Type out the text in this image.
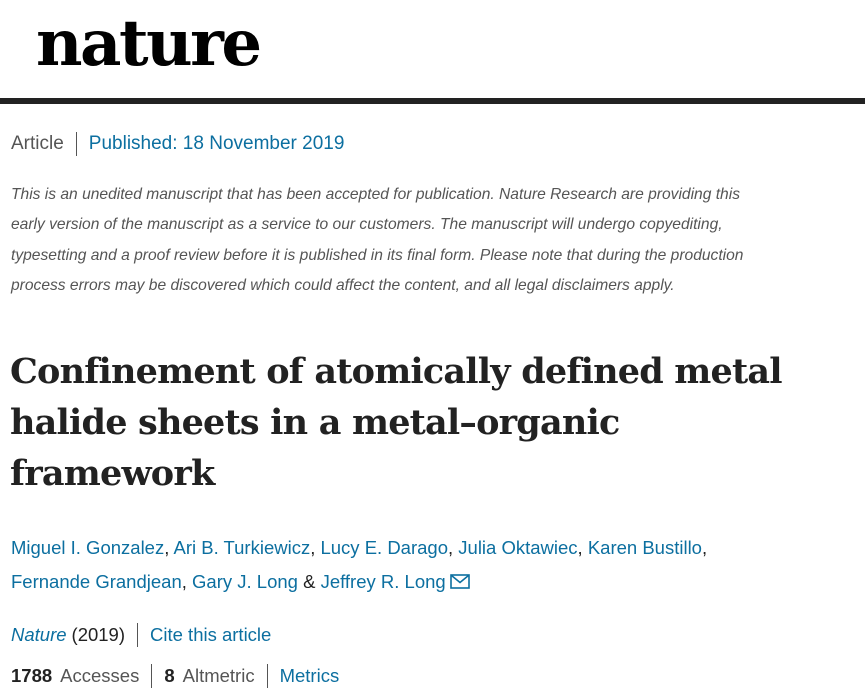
nature
Article Published: 18 November 2019

This is an unedited manuscript that has been accepted for publication. Nature Research are providing this early version of the manuscript as a service to our customers. The manuscript will undergo copyediting, typesetting and a proof review before it is published in its final form. Please note that during the production process errors may be discovered which could affect the content, and all legal disclaimers apply.

Confinement of atomically defined metal halide sheets in a metal–organic framework
Miguel I. Gonzalez, Ari B. Turkiewicz, Lucy E. Darago, Julia Oktawiec, Karen Bustillo,
Fernande Grandjean, Gary J. Long & Jeffrey R. Long
Nature (2019) Cite this article
1788 Accesses 8 Altmetric Metrics
